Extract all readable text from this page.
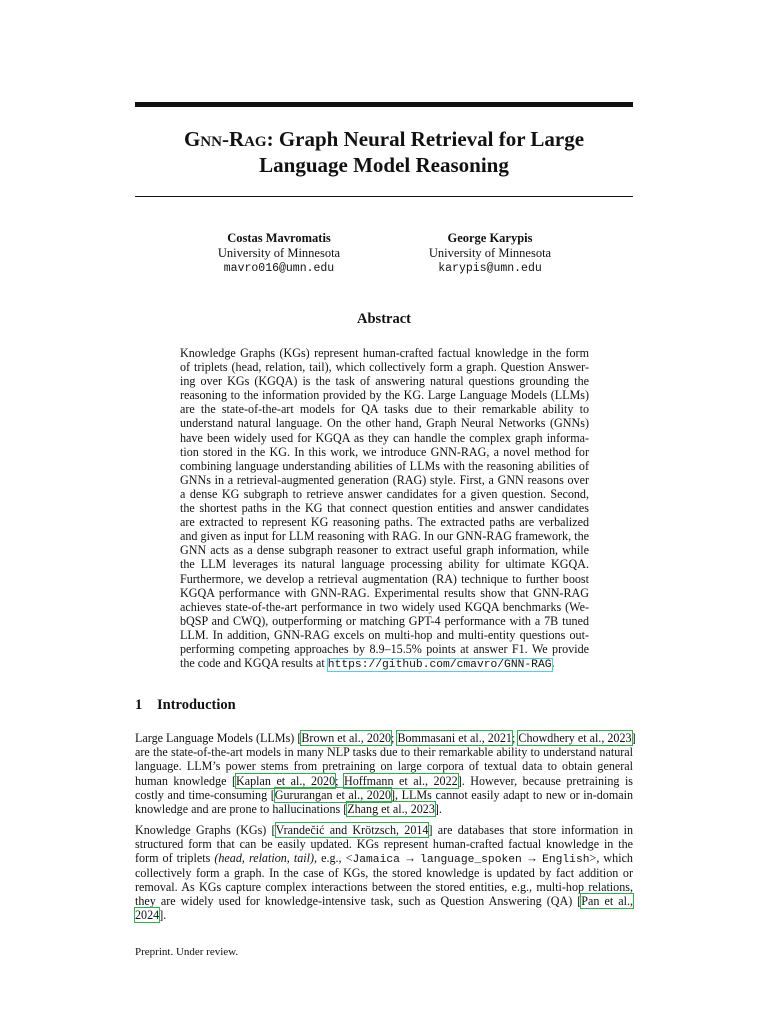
Gnn-Rag: Graph Neural Retrieval for Large
Language Model Reasoning
Costas Mavromatis
University of Minnesota
mavro016@umn.edu
George Karypis
University of Minnesota
karypis@umn.edu
Abstract
Knowledge Graphs (KGs) represent human-crafted factual knowledge in the form
of triplets (head, relation, tail), which collectively form a graph. Question Answer-
ing over KGs (KGQA) is the task of answering natural questions grounding the
reasoning to the information provided by the KG. Large Language Models (LLMs)
are the state-of-the-art models for QA tasks due to their remarkable ability to
understand natural language. On the other hand, Graph Neural Networks (GNNs)
have been widely used for KGQA as they can handle the complex graph informa-
tion stored in the KG. In this work, we introduce GNN-RAG, a novel method for
combining language understanding abilities of LLMs with the reasoning abilities of
GNNs in a retrieval-augmented generation (RAG) style. First, a GNN reasons over
a dense KG subgraph to retrieve answer candidates for a given question. Second,
the shortest paths in the KG that connect question entities and answer candidates
are extracted to represent KG reasoning paths. The extracted paths are verbalized
and given as input for LLM reasoning with RAG. In our GNN-RAG framework, the
GNN acts as a dense subgraph reasoner to extract useful graph information, while
the LLM leverages its natural language processing ability for ultimate KGQA.
Furthermore, we develop a retrieval augmentation (RA) technique to further boost
KGQA performance with GNN-RAG. Experimental results show that GNN-RAG
achieves state-of-the-art performance in two widely used KGQA benchmarks (We-
bQSP and CWQ), outperforming or matching GPT-4 performance with a 7B tuned
LLM. In addition, GNN-RAG excels on multi-hop and multi-entity questions out-
performing competing approaches by 8.9–15.5% points at answer F1. We provide
the code and KGQA results at https://github.com/cmavro/GNN-RAG.
1 Introduction
Large Language Models (LLMs) [Brown et al., 2020; Bommasani et al., 2021; Chowdhery et al., 2023]
are the state-of-the-art models in many NLP tasks due to their remarkable ability to understand natural
language. LLM’s power stems from pretraining on large corpora of textual data to obtain general
human knowledge [Kaplan et al., 2020; Hoffmann et al., 2022]. However, because pretraining is
costly and time-consuming [Gururangan et al., 2020], LLMs cannot easily adapt to new or in-domain
knowledge and are prone to hallucinations [Zhang et al., 2023].
Knowledge Graphs (KGs) [Vrandečić and Krötzsch, 2014] are databases that store information in
structured form that can be easily updated. KGs represent human-crafted factual knowledge in the
form of triplets (head, relation, tail), e.g., <Jamaica → language_spoken → English>, which
collectively form a graph. In the case of KGs, the stored knowledge is updated by fact addition or
removal. As KGs capture complex interactions between the stored entities, e.g., multi-hop relations,
they are widely used for knowledge-intensive task, such as Question Answering (QA) [Pan et al.,
2024].
Preprint. Under review.
